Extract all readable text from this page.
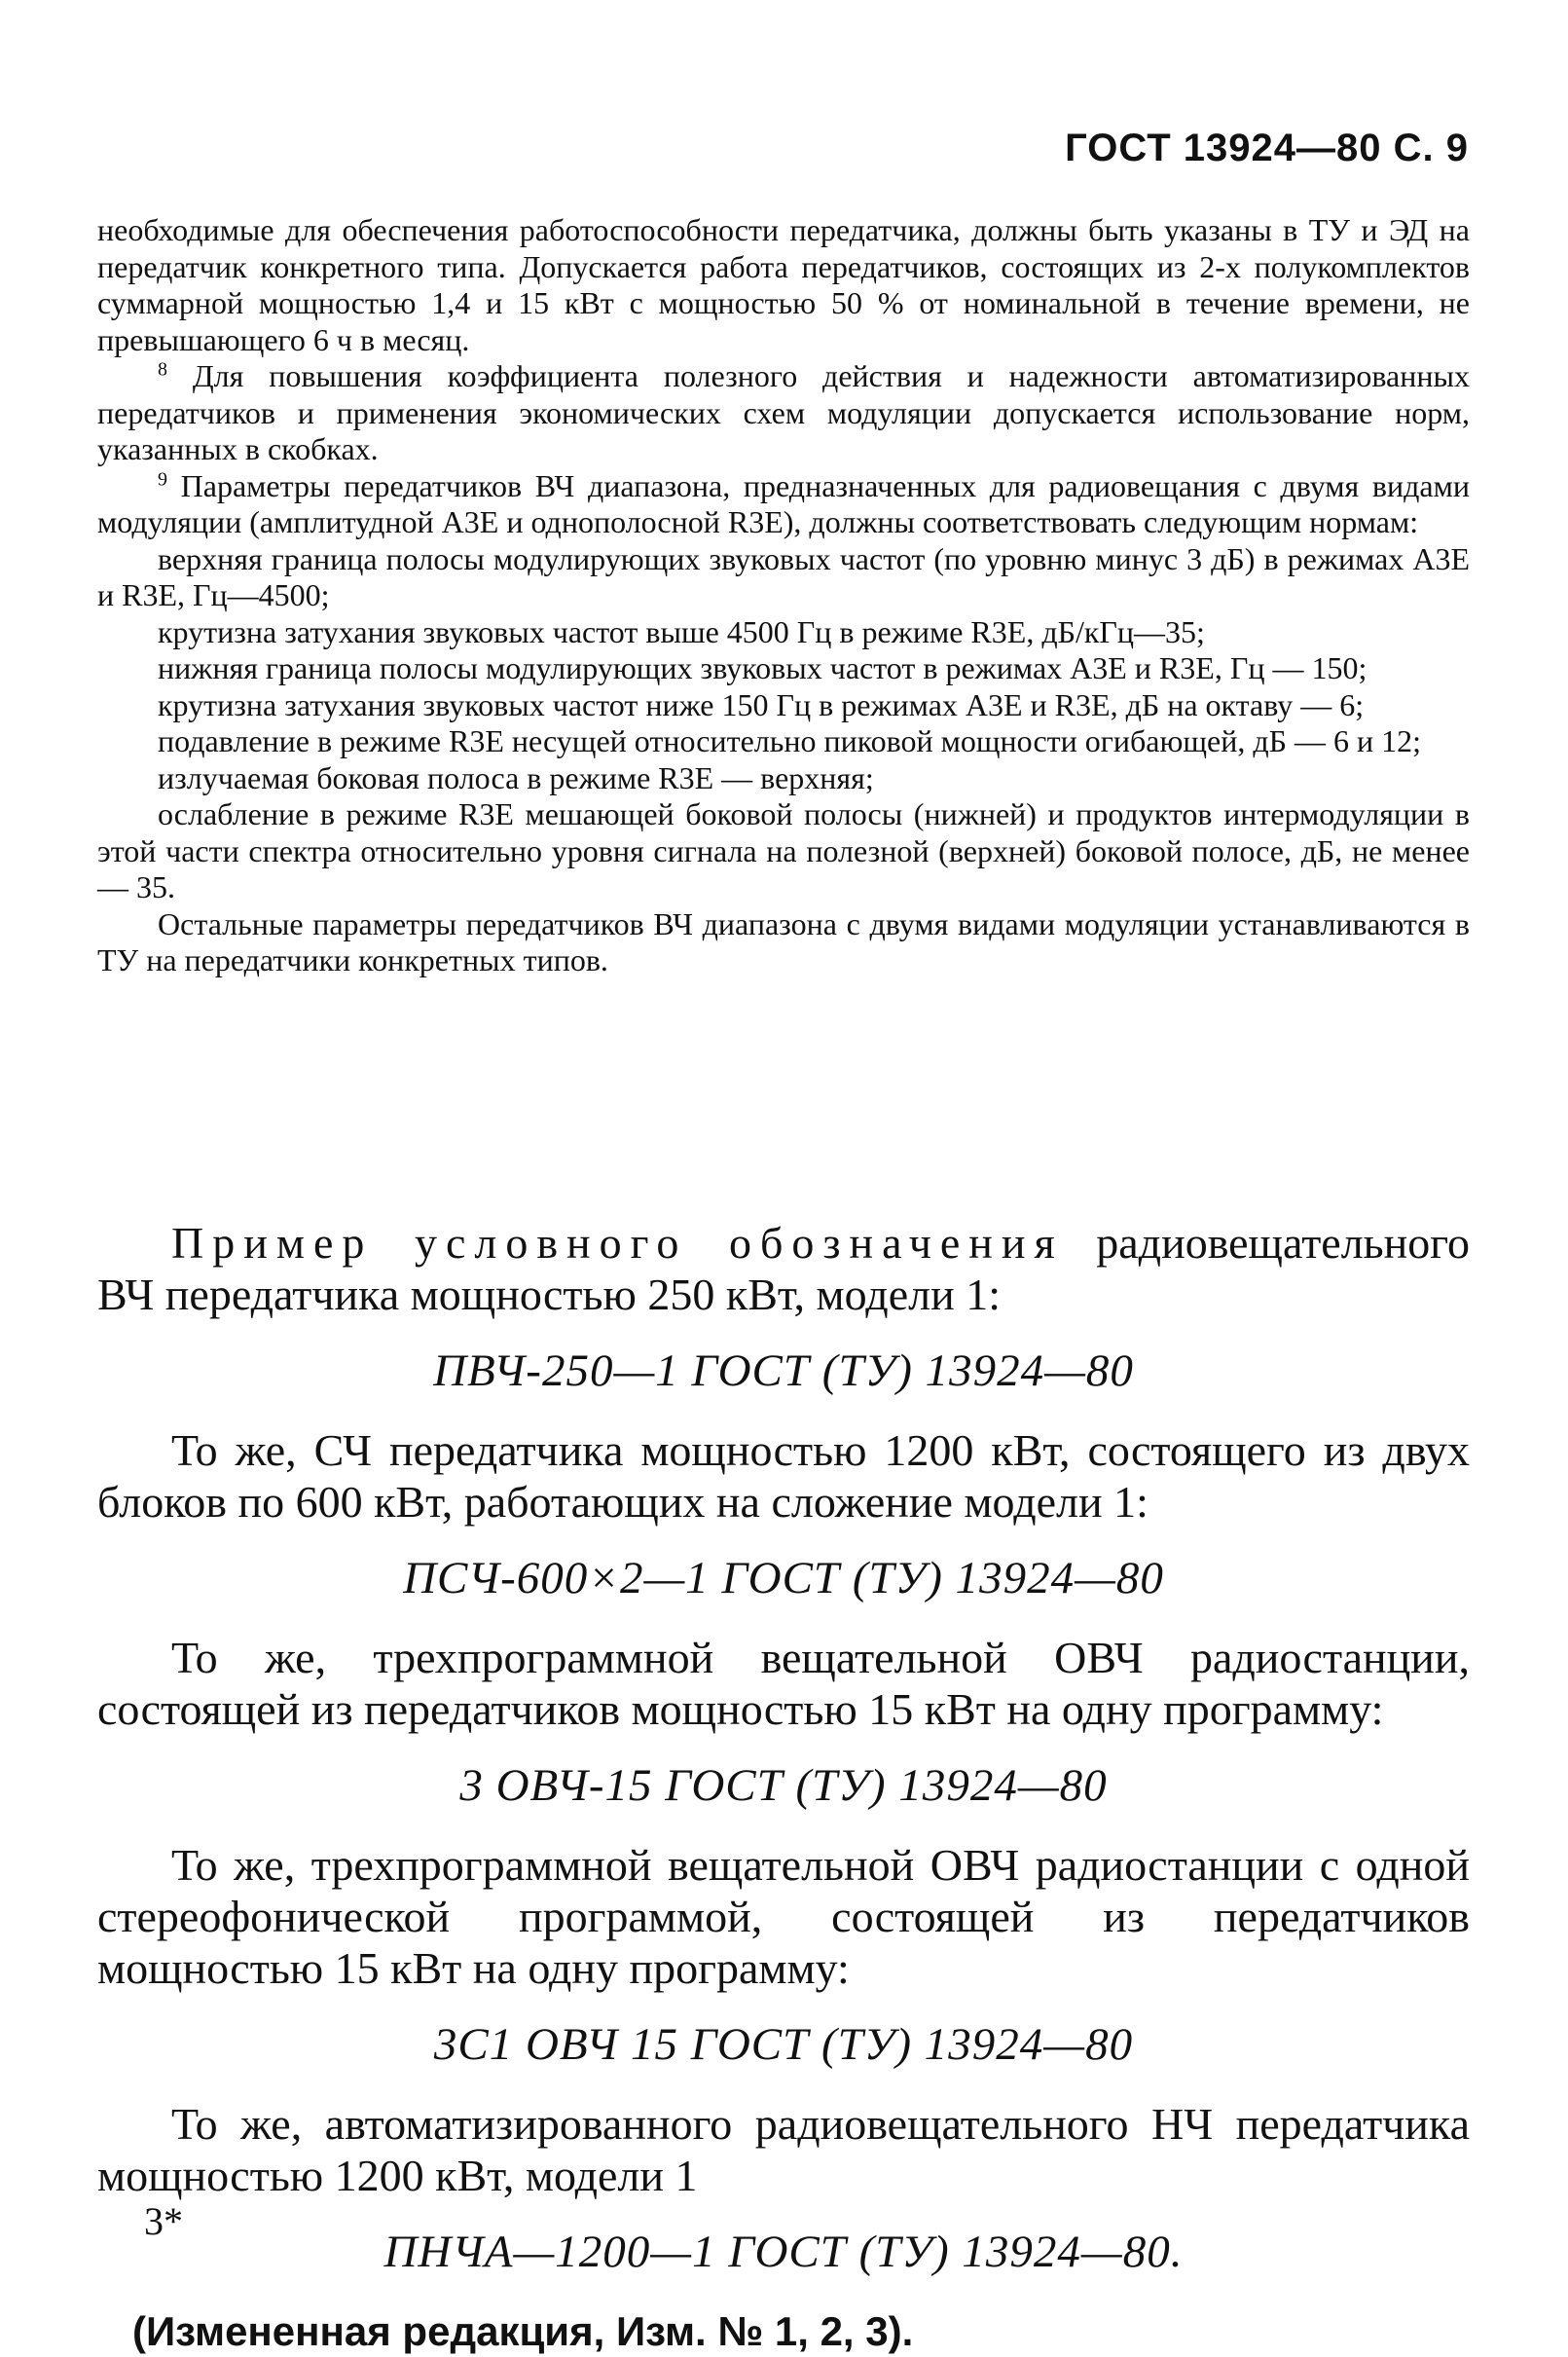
ГОСТ 13924—80 С. 9

необходимые для обеспечения работоспособности передатчика, должны быть указаны в ТУ и ЭД на передатчик конкретного типа. Допускается работа передатчиков, состоящих из 2-х полукомплектов суммарной мощностью 1,4 и 15 кВт с мощностью 50 % от номинальной в течение времени, не превышающего 6 ч в месяц.

$^8$ Для повышения коэффициента полезного действия и надежности автоматизированных передатчиков и применения экономических схем модуляции допускается использование норм, указанных в скобках.

$^9$ Параметры передатчиков ВЧ диапазона, предназначенных для радиовещания с двумя видами модуляции (амплитудной А3Е и однополосной R3E), должны соответствовать следующим нормам:

верхняя граница полосы модулирующих звуковых частот (по уровню минус 3 дБ) в режимах А3Е и R3E, Гц—4500;

крутизна затухания звуковых частот выше 4500 Гц в режиме R3E, дБ/кГц—35;

нижняя граница полосы модулирующих звуковых частот в режимах А3Е и R3E, Гц — 150;

крутизна затухания звуковых частот ниже 150 Гц в режимах А3Е и R3E, дБ на октаву — 6;

подавление в режиме R3E несущей относительно пиковой мощности огибающей, дБ — 6 и 12;

излучаемая боковая полоса в режиме R3E — верхняя;

ослабление в режиме R3E мешающей боковой полосы (нижней) и продуктов интермодуляции в этой части спектра относительно уровня сигнала на полезной (верхней) боковой полосе, дБ, не менее — 35.

Остальные параметры передатчиков ВЧ диапазона с двумя видами модуляции устанавливаются в ТУ на передатчики конкретных типов.

Пример условного обозначения радиовещательного ВЧ передатчика мощностью 250 кВт, модели 1:

ПВЧ-250—1 ГОСТ (ТУ) 13924—80

То же, СЧ передатчика мощностью 1200 кВт, состоящего из двух блоков по 600 кВт, работающих на сложение модели 1:

ПСЧ-600×2—1 ГОСТ (ТУ) 13924—80

То же, трехпрограммной вещательной ОВЧ радиостанции, состоящей из передатчиков мощностью 15 кВт на одну программу:

3 ОВЧ-15 ГОСТ (ТУ) 13924—80

То же, трехпрограммной вещательной ОВЧ радиостанции с одной стереофонической программой, состоящей из передатчиков мощностью 15 кВт на одну программу:

3С1 ОВЧ 15 ГОСТ (ТУ) 13924—80

То же, автоматизированного радиовещательного НЧ передатчика мощностью 1200 кВт, модели 1

ПНЧА—1200—1 ГОСТ (ТУ) 13924—80.

(Измененная редакция, Изм. № 1, 2, 3).

3*
